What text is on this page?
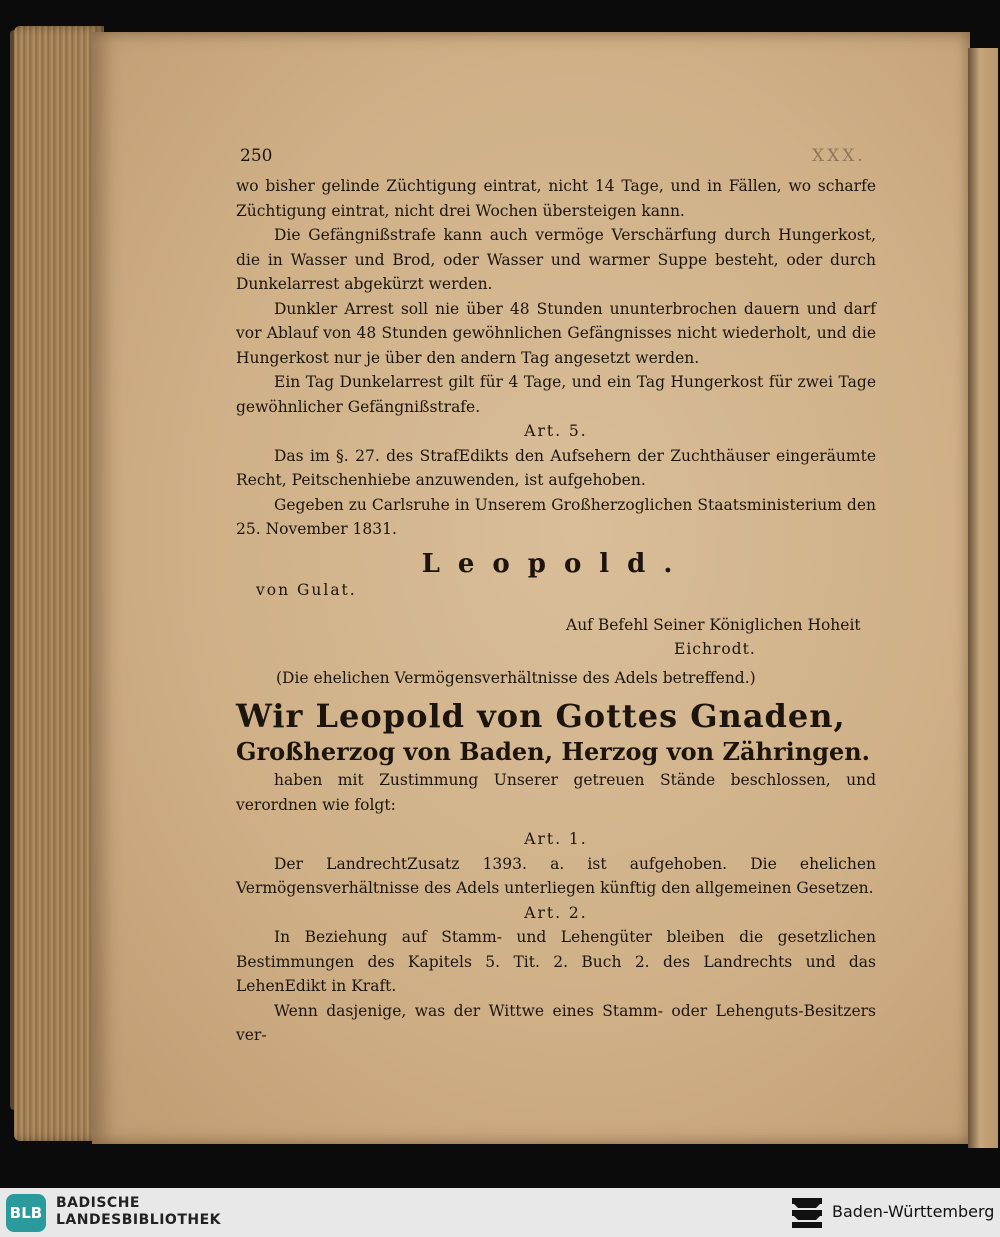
250	XXX.

wo bisher gelinde Züchtigung eintrat, nicht 14 Tage, und in Fällen, wo scharfe Züchtigung eintrat, nicht drei Wochen übersteigen kann.

Die Gefängnißstrafe kann auch vermöge Verschärfung durch Hungerkost, die in Wasser und Brod, oder Wasser und warmer Suppe besteht, oder durch Dunkelarrest abgekürzt werden.

Dunkler Arrest soll nie über 48 Stunden ununterbrochen dauern und darf vor Ablauf von 48 Stunden gewöhnlichen Gefängnisses nicht wiederholt, und die Hungerkost nur je über den andern Tag angesetzt werden.

Ein Tag Dunkelarrest gilt für 4 Tage, und ein Tag Hungerkost für zwei Tage gewöhnlicher Gefängnißstrafe.

Art. 5.

Das im §. 27. des StrafEdikts den Aufsehern der Zuchthäuser eingeräumte Recht, Peitschenhiebe anzuwenden, ist aufgehoben.

Gegeben zu Carlsruhe in Unserem Großherzoglichen Staatsministerium den 25. November 1831.

Leopold.

von Gulat.

Auf Befehl Seiner Königlichen Hoheit

Eichrodt.

(Die ehelichen Vermögensverhältnisse des Adels betreffend.)

Wir Leopold von Gottes Gnaden,

Großherzog von Baden, Herzog von Zähringen.

haben mit Zustimmung Unserer getreuen Stände beschlossen, und verordnen wie folgt:

Art. 1.

Der LandrechtZusatz 1393. a. ist aufgehoben. Die ehelichen Vermögensverhältnisse des Adels unterliegen künftig den allgemeinen Gesetzen.

Art. 2.

In Beziehung auf Stamm- und Lehengüter bleiben die gesetzlichen Bestimmungen des Kapitels 5. Tit. 2. Buch 2. des Landrechts und das LehenEdikt in Kraft.

Wenn dasjenige, was der Wittwe eines Stamm- oder Lehenguts-Besitzers ver-

BLB
BADISCHE
LANDESBIBLIOTHEK	Baden-Württemberg
